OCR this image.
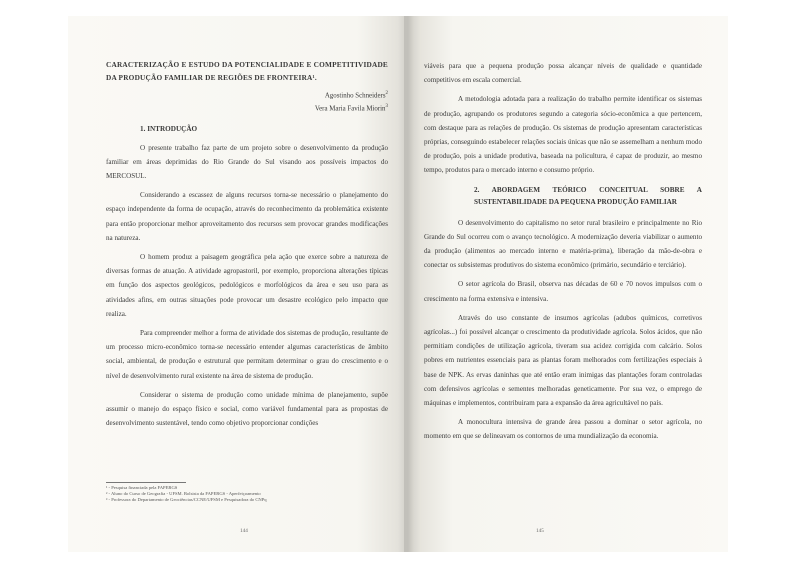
CARACTERIZAÇÃO E ESTUDO DA POTENCIALIDADE E COMPETITIVIDADE DA PRODUÇÃO FAMILIAR DE REGIÕES DE FRONTEIRA¹.

Agostinho Schneiders$^2$
Vera Maria Favila Miorin$^3$
1. INTRODUÇÃO

O presente trabalho faz parte de um projeto sobre o desenvolvimento da produção familiar em áreas deprimidas do Rio Grande do Sul visando aos possíveis impactos do MERCOSUL.

Considerando a escassez de alguns recursos torna-se necessário o planejamento do espaço independente da forma de ocupação, através do reconhecimento da problemática existente para então proporcionar melhor aproveitamento dos recursos sem provocar grandes modificações na natureza.

O homem produz a paisagem geográfica pela ação que exerce sobre a natureza de diversas formas de atuação. A atividade agropastoril, por exemplo, proporciona alterações típicas em função dos aspectos geológicos, pedológicos e morfológicos da área e seu uso para as atividades afins, em outras situações pode provocar um desastre ecológico pelo impacto que realiza.

Para compreender melhor a forma de atividade dos sistemas de produção, resultante de um processo micro-econômico torna-se necessário entender algumas características de âmbito social, ambiental, de produção e estrutural que permitam determinar o grau do crescimento e o nível de desenvolvimento rural existente na área de sistema de produção.

Considerar o sistema de produção como unidade mínima de planejamento, supõe assumir o manejo do espaço físico e social, como variável fundamental para as propostas de desenvolvimento sustentável, tendo como objetivo proporcionar condições

¹ - Pesquisa financiada pela FAPERGS
² - Aluno do Curso de Geografia - UFSM. Bolsista da FAPERGS - Aperfeiçoamento
³ - Professora do Departamento de Geociências/CCNE/UFSM e Pesquisadora do CNPq
144

viáveis para que a pequena produção possa alcançar níveis de qualidade e quantidade competitivos em escala comercial.

A metodologia adotada para a realização do trabalho permite identificar os sistemas de produção, agrupando os produtores segundo a categoria sócio-econômica a que pertencem, com destaque para as relações de produção. Os sistemas de produção apresentam características próprias, conseguindo estabelecer relações sociais únicas que não se assemelham a nenhum modo de produção, pois a unidade produtiva, baseada na policultura, é capaz de produzir, ao mesmo tempo, produtos para o mercado interno e consumo próprio.

2. ABORDAGEM TEÓRICO CONCEITUAL SOBRE A SUSTENTABILIDADE DA PEQUENA PRODUÇÃO FAMILIAR

O desenvolvimento do capitalismo no setor rural brasileiro e principalmente no Rio Grande do Sul ocorreu com o avanço tecnológico. A modernização deveria viabilizar o aumento da produção (alimentos ao mercado interno e matéria-prima), liberação da mão-de-obra e conectar os subsistemas produtivos do sistema econômico (primário, secundário e terciário).

O setor agrícola do Brasil, observa nas décadas de 60 e 70 novos impulsos com o crescimento na forma extensiva e intensiva.

Através do uso constante de insumos agrícolas (adubos químicos, corretivos agrícolas...) foi possível alcançar o crescimento da produtividade agrícola. Solos ácidos, que não permitiam condições de utilização agrícola, tiveram sua acidez corrigida com calcário. Solos pobres em nutrientes essenciais para as plantas foram melhorados com fertilizações especiais à base de NPK. As ervas daninhas que até então eram inimigas das plantações foram controladas com defensivos agrícolas e sementes melhoradas geneticamente. Por sua vez, o emprego de máquinas e implementos, contribuiram para a expansão da área agricultável no país.

A monocultura intensiva de grande área passou a dominar o setor agrícola, no momento em que se delineavam os contornos de uma mundialização da economia.

145
